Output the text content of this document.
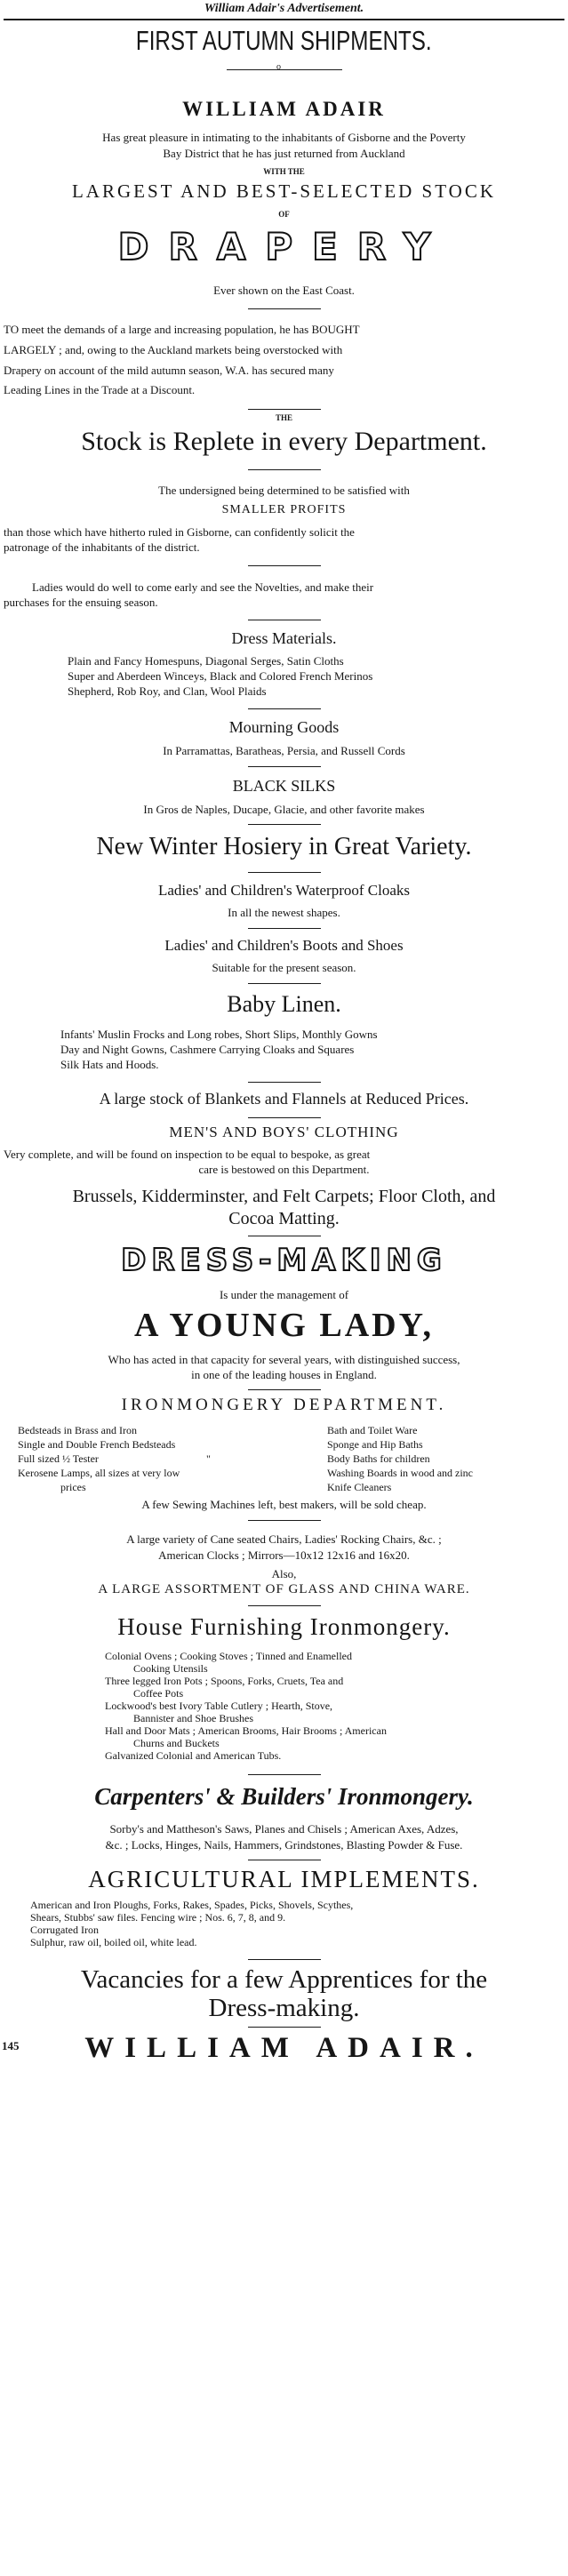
William Adair's Advertisement.
FIRST AUTUMN SHIPMENTS.
o
WILLIAM ADAIR
Has great pleasure in intimating to the inhabitants of Gisborne and the Poverty
Bay District that he has just returned from Auckland
WITH THE
LARGEST AND BEST-SELECTED STOCK
OF
DRAPERY
Ever shown on the East Coast.
TO meet the demands of a large and increasing population, he has BOUGHT
LARGELY ; and, owing to the Auckland markets being overstocked with
Drapery on account of the mild autumn season, W.A. has secured many
Leading Lines in the Trade at a Discount.
THE
Stock is Replete in every Department.
The undersigned being determined to be satisfied with
SMALLER PROFITS
than those which have hitherto ruled in Gisborne, can confidently solicit the
patronage of the inhabitants of the district.
Ladies would do well to come early and see the Novelties, and make their
purchases for the ensuing season.
Dress Materials.
Plain and Fancy Homespuns, Diagonal Serges, Satin Cloths
Super and Aberdeen Winceys, Black and Colored French Merinos
Shepherd, Rob Roy, and Clan, Wool Plaids
Mourning Goods
In Parramattas, Baratheas, Persia, and Russell Cords
BLACK SILKS
In Gros de Naples, Ducape, Glacie, and other favorite makes
New Winter Hosiery in Great Variety.
Ladies' and Children's Waterproof Cloaks
In all the newest shapes.
Ladies' and Children's Boots and Shoes
Suitable for the present season.
Baby Linen.
Infants' Muslin Frocks and Long robes, Short Slips, Monthly Gowns
Day and Night Gowns, Cashmere Carrying Cloaks and Squares
Silk Hats and Hoods.
A large stock of Blankets and Flannels at Reduced Prices.
MEN'S AND BOYS' CLOTHING
Very complete, and will be found on inspection to be equal to bespoke, as great
care is bestowed on this Department.
Brussels, Kidderminster, and Felt Carpets; Floor Cloth, and
Cocoa Matting.
DRESS-MAKING
Is under the management of
A YOUNG LADY,
Who has acted in that capacity for several years, with distinguished success,
in one of the leading houses in England.
IRONMONGERY DEPARTMENT.
Bedsteads in Brass and Iron
Single and Double French Bedsteads
Full sized ½ Tester	"
Kerosene Lamps, all sizes at very low
prices
Bath and Toilet Ware
Sponge and Hip Baths
Body Baths for children
Washing Boards in wood and zinc
Knife Cleaners
A few Sewing Machines left, best makers, will be sold cheap.
A large variety of Cane seated Chairs, Ladies' Rocking Chairs, &c. ;
American Clocks ; Mirrors—10x12 12x16 and 16x20.
Also,
A LARGE ASSORTMENT OF GLASS AND CHINA WARE.
House Furnishing Ironmongery.
Colonial Ovens ; Cooking Stoves ; Tinned and Enamelled
Cooking Utensils
Three legged Iron Pots ; Spoons, Forks, Cruets, Tea and
Coffee Pots
Lockwood's best Ivory Table Cutlery ; Hearth, Stove,
Bannister and Shoe Brushes
Hall and Door Mats ; American Brooms, Hair Brooms ; American
Churns and Buckets
Galvanized Colonial and American Tubs.
Carpenters' & Builders' Ironmongery.
Sorby's and Mattheson's Saws, Planes and Chisels ; American Axes, Adzes,
&c. ; Locks, Hinges, Nails, Hammers, Grindstones, Blasting Powder & Fuse.
AGRICULTURAL IMPLEMENTS.
American and Iron Ploughs, Forks, Rakes, Spades, Picks, Shovels, Scythes,
Shears, Stubbs' saw files. Fencing wire ; Nos. 6, 7, 8, and 9.
Corrugated Iron
Sulphur, raw oil, boiled oil, white lead.
Vacancies for a few Apprentices for the
Dress-making.
145	WILLIAM ADAIR.
